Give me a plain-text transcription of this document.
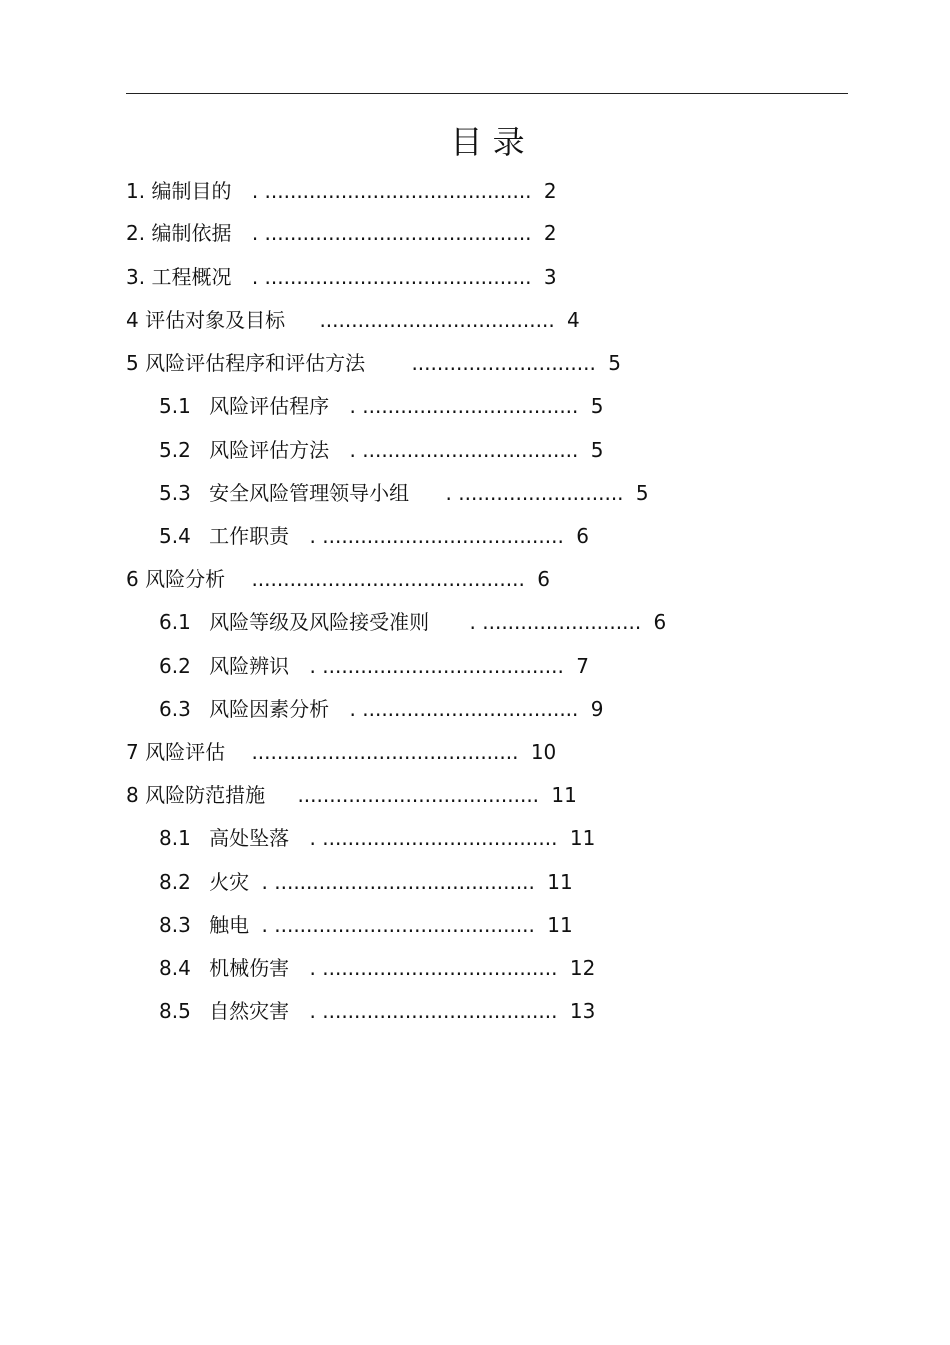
目 录
1. 编制目的 . .......................................... 2
2. 编制依据 . .......................................... 2
3. 工程概况 . .......................................... 3
4 评估对象及目标 ..................................... 4
5 风险评估程序和评估方法 ............................. 5
5.1 风险评估程序 . .................................. 5
5.2 风险评估方法 . .................................. 5
5.3 安全风险管理领导小组 . .......................... 5
5.4 工作职责 . ...................................... 6
6 风险分析 ........................................... 6
6.1 风险等级及风险接受准则 . ......................... 6
6.2 风险辨识 . ...................................... 7
6.3 风险因素分析 . .................................. 9
7 风险评估 .......................................... 10
8 风险防范措施 ...................................... 11
8.1 高处坠落 . ..................................... 11
8.2 火灾 . ......................................... 11
8.3 触电 . ......................................... 11
8.4 机械伤害 . ..................................... 12
8.5 自然灾害 . ..................................... 13
